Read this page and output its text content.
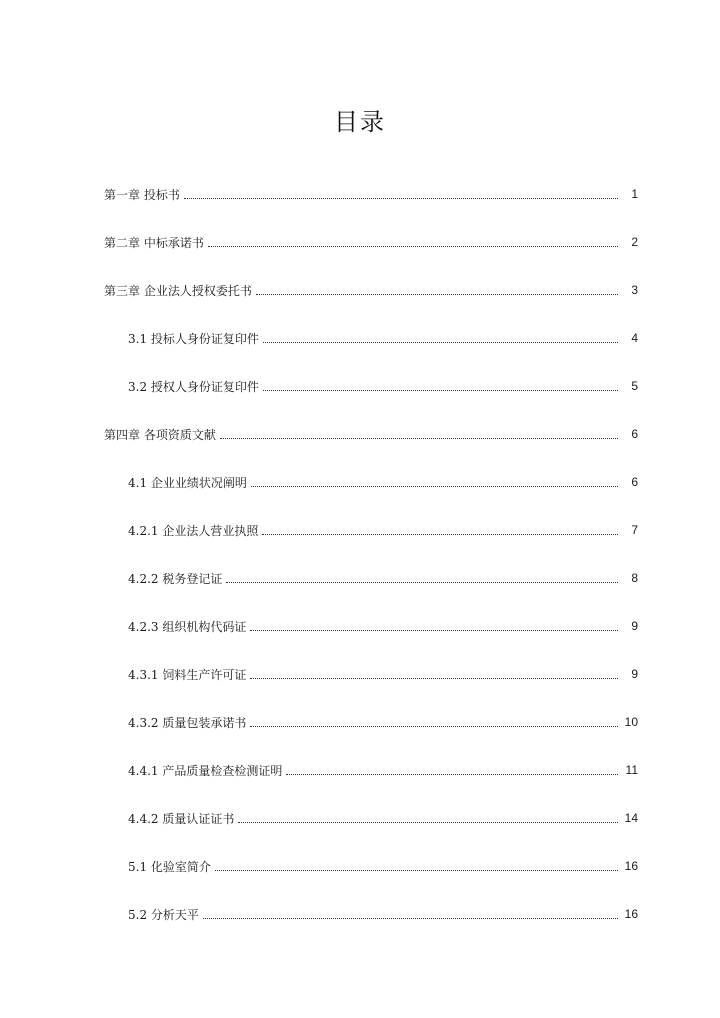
目录
第一章 投标书	1
第二章 中标承诺书	2
第三章 企业法人授权委托书	3
3.1 投标人身份证复印件	4
3.2 授权人身份证复印件	5
第四章 各项资质文献	6
4.1 企业业绩状况阐明	6
4.2.1 企业法人营业执照	7
4.2.2 税务登记证	8
4.2.3 组织机构代码证	9
4.3.1 饲料生产许可证	9
4.3.2 质量包装承诺书	10
4.4.1 产品质量检查检测证明	11
4.4.2 质量认证证书	14
5.1 化验室简介	16
5.2 分析天平	16
